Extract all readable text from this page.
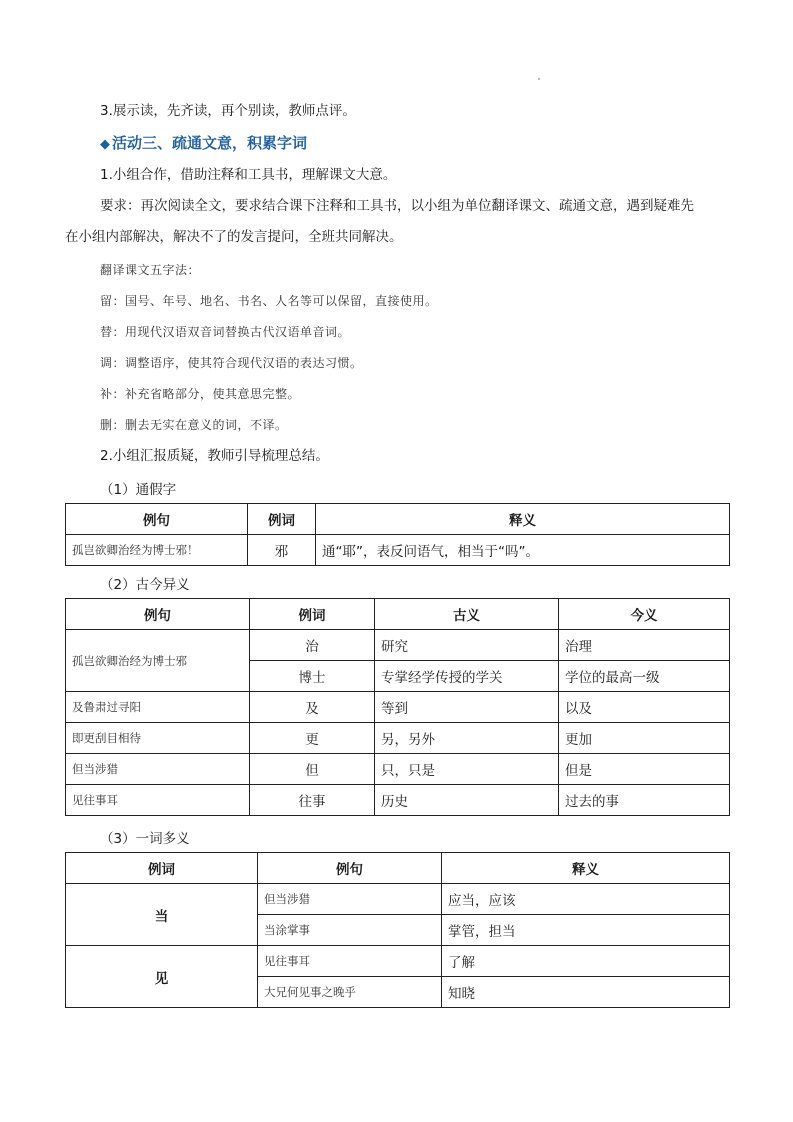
3.展示读，先齐读，再个别读，教师点评。
◆ 活动三、疏通文意，积累字词
1.小组合作，借助注释和工具书，理解课文大意。
要求：再次阅读全文，要求结合课下注释和工具书，以小组为单位翻译课文、疏通文意，遇到疑难先
在小组内部解决，解决不了的发言提问，全班共同解决。
翻译课文五字法：
留：国号、年号、地名、书名、人名等可以保留，直接使用。
替：用现代汉语双音词替换古代汉语单音词。
调：调整语序，使其符合现代汉语的表达习惯。
补：补充省略部分，使其意思完整。
删：删去无实在意义的词，不译。
2.小组汇报质疑，教师引导梳理总结。
（1）通假字
例句	例词	释义
孤岂欲卿治经为博士邪！	邪	通“耶”，表反问语气，相当于“吗”。
（2）古今异义
例句	例词	古义	今义
孤岂欲卿治经为博士邪	治	研究	治理
	博士	专掌经学传授的学关	学位的最高一级
及鲁肃过寻阳	及	等到	以及
即更刮目相待	更	另，另外	更加
但当涉猎	但	只，只是	但是
见往事耳	往事	历史	过去的事
（3）一词多义
例词	例句	释义
当	但当涉猎	应当，应该
	当涂掌事	掌管，担当
见	见往事耳	了解
	大兄何见事之晚乎	知晓
